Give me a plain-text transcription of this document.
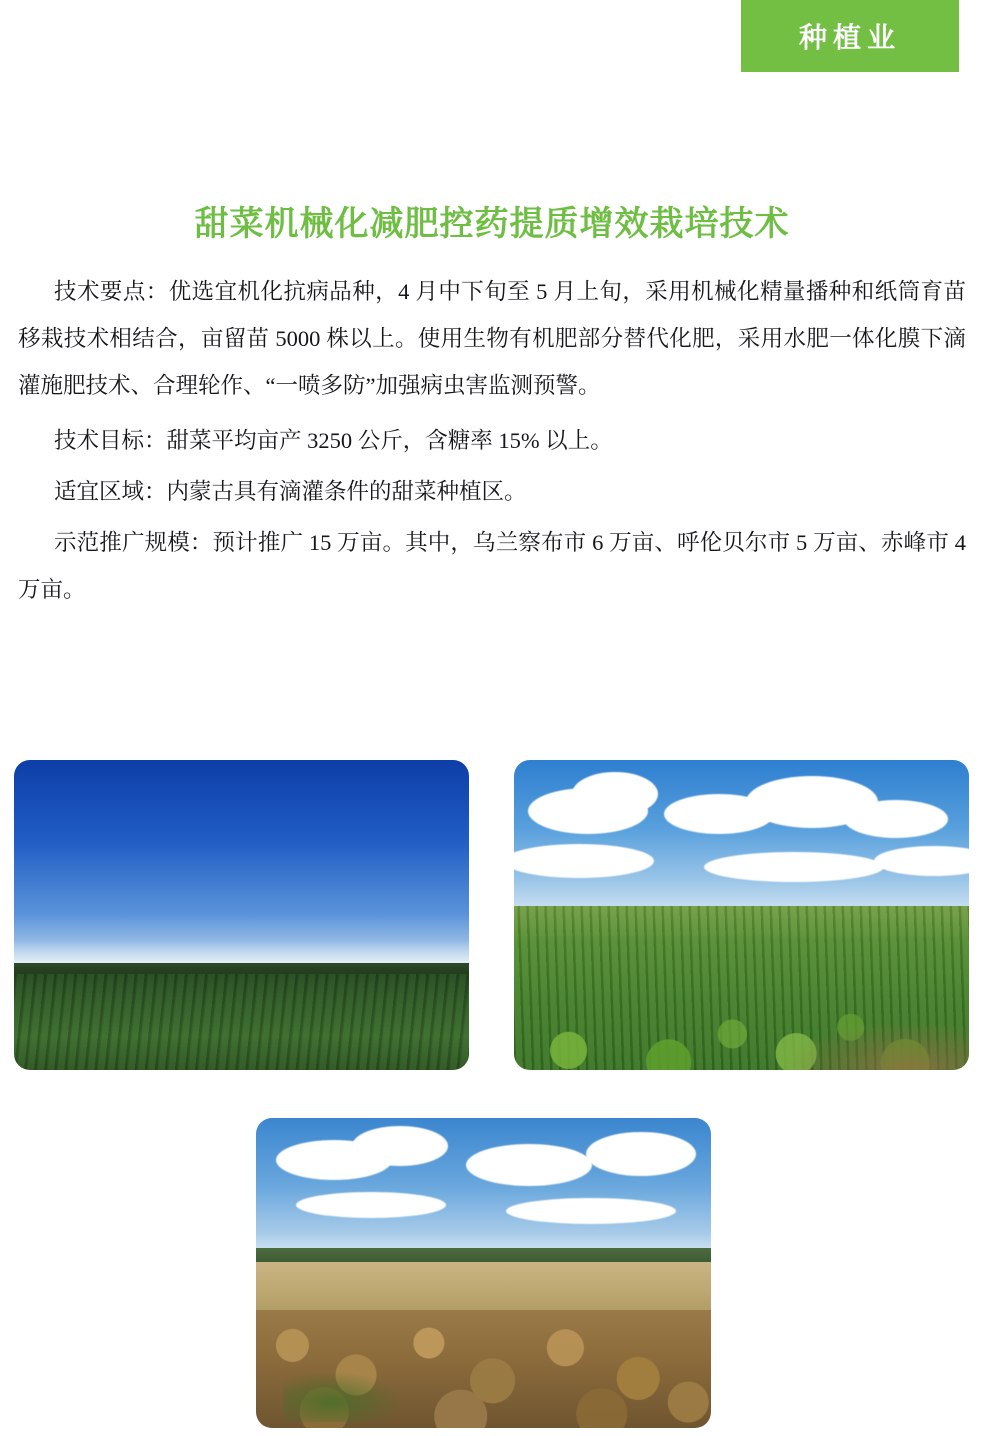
种植业
甜菜机械化减肥控药提质增效栽培技术

技术要点：优选宜机化抗病品种，4 月中下旬至 5 月上旬，采用机械化精量播种和纸筒育苗移栽技术相结合，亩留苗 5000 株以上。使用生物有机肥部分替代化肥，采用水肥一体化膜下滴灌施肥技术、合理轮作、“一喷多防”加强病虫害监测预警。

技术目标：甜菜平均亩产 3250 公斤，含糖率 15% 以上。

适宜区域：内蒙古具有滴灌条件的甜菜种植区。

示范推广规模：预计推广 15 万亩。其中，乌兰察布市 6 万亩、呼伦贝尔市 5 万亩、赤峰市 4 万亩。
